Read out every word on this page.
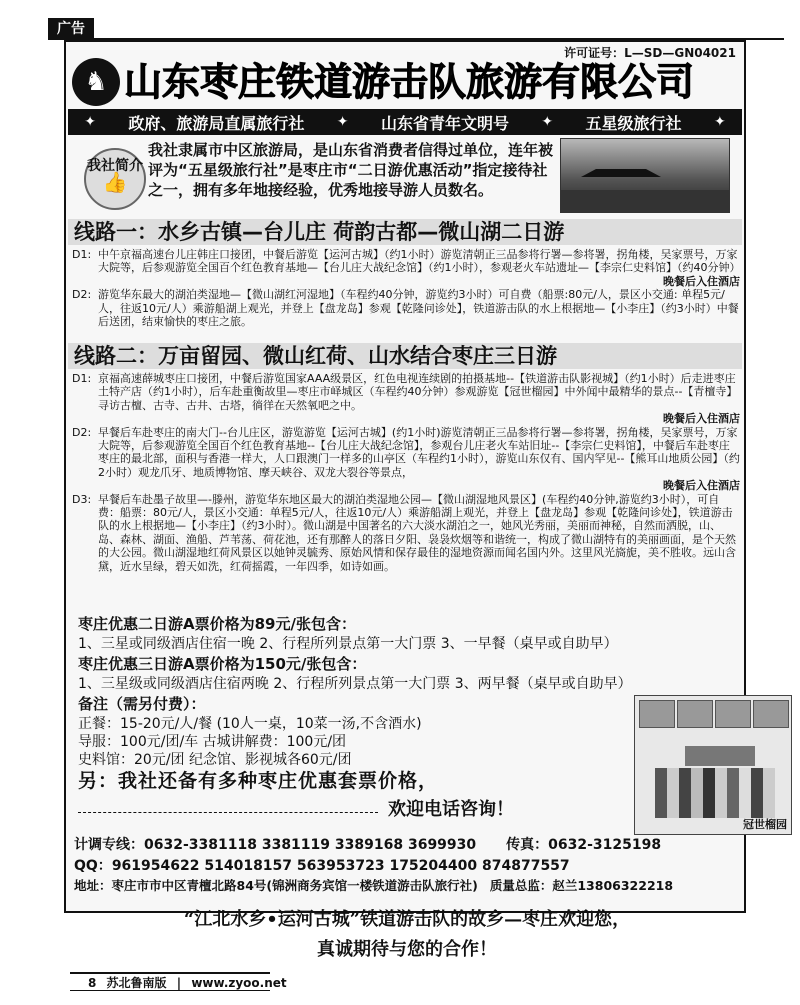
广告
许可证号：L—SD—GN04021
♞ 山东枣庄铁道游击队旅游有限公司
✦ 政府、旅游局直属旅行社 ✦ 山东省青年文明号 ✦ 五星级旅行社 ✦
我社简介
👍
我社隶属市中区旅游局，是山东省消费者信得过单位，连年被评为“五星级旅行社”是枣庄市“二日游优惠活动”指定接待社之一，拥有多年地接经验，优秀地接导游人员数名。
线路一：水乡古镇—台儿庄 荷韵古都—微山湖二日游
D1: 中午京福高速台儿庄韩庄口接团，中餐后游览【运河古城】（约1小时）游览清朝正三品参将行署—参将署，拐角楼，吴家票号，万家大院等，后参观游览全国百个红色教育基地—【台儿庄大战纪念馆】（约1小时），参观老火车站遗址—【李宗仁史料馆】（约40分钟）
晚餐后入住酒店
D2: 游览华东最大的湖泊类湿地—【微山湖红河湿地】（车程约40分钟，游览约3小时）可自费（船票:80元/人，景区小交通: 单程5元/人，往返10元/人）乘游船湖上观光，并登上【盘龙岛】参观【乾隆问诊处】，铁道游击队的水上根据地—【小李庄】（约3小时）中餐后送团，结束愉快的枣庄之旅。
线路二：万亩留园、微山红荷、山水结合枣庄三日游
D1: 京福高速薛城枣庄口接团，中餐后游览国家AAA级景区，红色电视连续剧的拍摄基地--【铁道游击队影视城】（约1小时）后走进枣庄土特产店（约1小时），后车赴重衡故里—枣庄市峄城区（车程约40分钟）参观游览【冠世榴园】中外闻中最精华的景点--【青檀寺】寻访古檀、古寺、古井、古塔，徜徉在天然氧吧之中。
晚餐后入住酒店
D2: 早餐后车赴枣庄的南大门--台儿庄区，游览游览【运河古城】(约1小时)游览清朝正三品参将行署—参将署，拐角楼，吴家票号，万家大院等，后参观游览全国百个红色教育基地--【台儿庄大战纪念馆】，参观台儿庄老火车站旧址--【李宗仁史料馆】，中餐后车赴枣庄枣庄的最北部，面积与香港一样大，人口跟澳门一样多的山亭区（车程约1小时），游览山东仅有、国内罕见--【熊耳山地质公园】（约2小时）观龙爪牙、地质博物馆、摩天峡谷、双龙大裂谷等景点，
晚餐后入住酒店
D3: 早餐后车赴墨子故里—-滕州，游览华东地区最大的湖泊类湿地公园—【微山湖湿地风景区】(车程约40分钟,游览约3小时），可自费：船票：80元/人，景区小交通：单程5元/人，往返10元/人）乘游船湖上观光，并登上【盘龙岛】参观【乾隆问诊处】，铁道游击队的水上根据地—【小李庄】（约3小时）。微山湖是中国著名的六大淡水湖泊之一，她风光秀丽，美丽而神秘，自然而洒脱，山、岛、森林、湖面、渔船、芦苇荡、荷花池，还有那醉人的落日夕阳、袅袅炊烟等和谐统一，构成了微山湖特有的美丽画面，是个天然的大公园。微山湖湿地红荷风景区以她钟灵毓秀、原始风情和保存最佳的湿地资源而闻名国内外。这里风光旖旎，美不胜收。远山含黛，近水呈绿，碧天如洗，红荷摇霞，一年四季，如诗如画。
枣庄优惠二日游A票价格为89元/张包含：
1、三星或同级酒店住宿一晚 2、行程所列景点第一大门票 3、一早餐（桌早或自助早）
枣庄优惠三日游A票价格为150元/张包含：
1、三星级或同级酒店住宿两晚 2、行程所列景点第一大门票 3、两早餐（桌早或自助早）
备注（需另付费）：
正餐：15-20元/人/餐 (10人一桌，10菜一汤,不含酒水)
导服：100元/团/车 古城讲解费：100元/团
史料馆：20元/团 纪念馆、影视城各60元/团
冠世榴园
另：我社还备有多种枣庄优惠套票价格，
欢迎电话咨询！
计调专线：0632-3381118 3381119 3389168 3699930 传真：0632-3125198
QQ：961954622 514018157 563953723 175204400 874877557
地址：枣庄市市中区青檀北路84号(锦洲商务宾馆一楼铁道游击队旅行社) 质量总监：赵兰13806322218
“江北水乡•运河古城”铁道游击队的故乡—枣庄欢迎您，
真诚期待与您的合作！
8 苏北鲁南版 | www.zyoo.net
